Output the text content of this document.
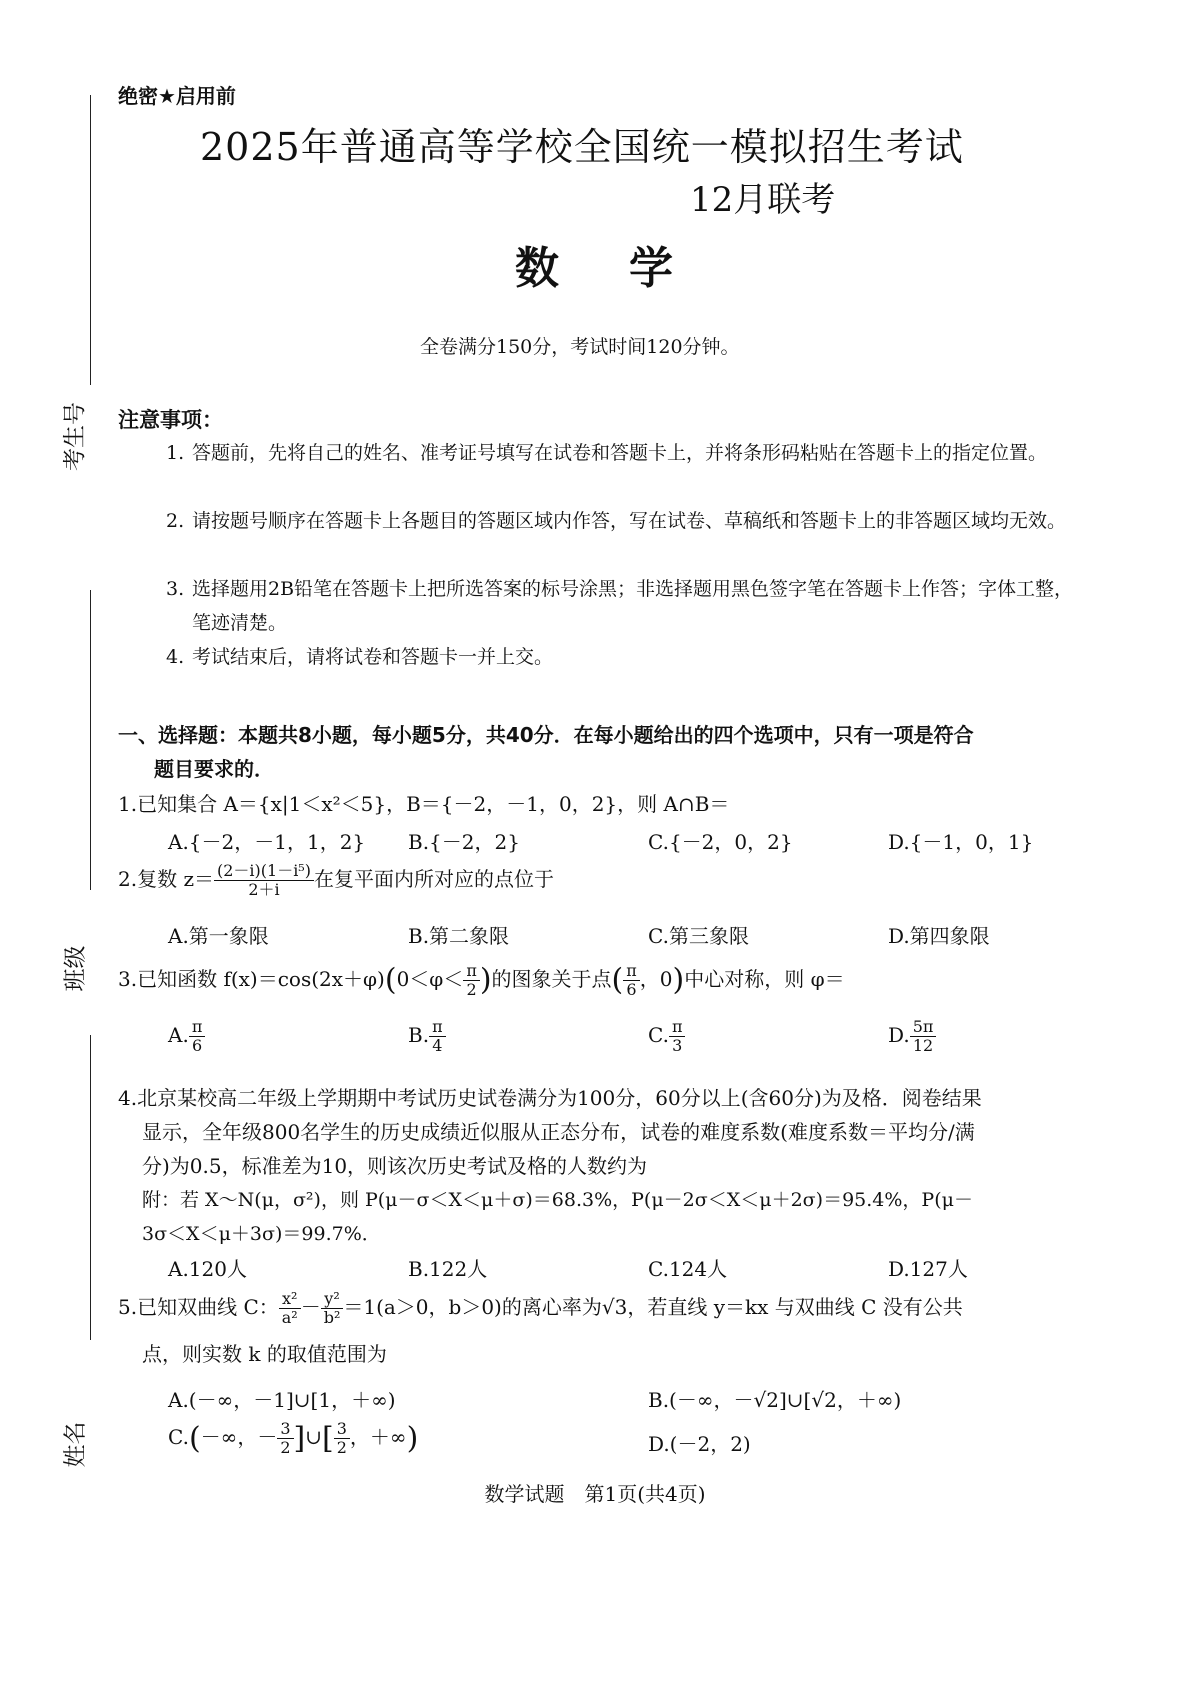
考生号
班级
姓名
绝密★启用前
2025年普通高等学校全国统一模拟招生考试
12月联考
数学
全卷满分150分，考试时间120分钟。
注意事项：
1. 答题前，先将自己的姓名、准考证号填写在试卷和答题卡上，并将条形码粘贴在答题卡上的指定位置。
2. 请按题号顺序在答题卡上各题目的答题区域内作答，写在试卷、草稿纸和答题卡上的非答题区域均无效。
3. 选择题用2B铅笔在答题卡上把所选答案的标号涂黑；非选择题用黑色签字笔在答题卡上作答；字体工整，笔迹清楚。
4. 考试结束后，请将试卷和答题卡一并上交。
一、选择题：本题共8小题，每小题5分，共40分．在每小题给出的四个选项中，只有一项是符合
题目要求的．
1.已知集合 A＝{x|1＜x²＜5}，B＝{－2，－1，0，2}，则 A∩B＝
A.{－2，－1，1，2} B.{－2，2}	C.{－2，0，2}	D.{－1，0，1}
2.复数 $z= \frac{\text{(2－i)(1－i⁵)}}{2+i}$ 在复平面内所对应的点位于
A.第一象限	B.第二象限	C.第三象限	D.第四象限
3.已知函数 $f(x)=\cos(2x+\varphi)(0<\varphi< \frac{\pi}{2}$ )的图象关于点( $\frac{\pi}{6}$ ，0)中心对称，则 φ＝
A. $\frac{\pi}{6}$	B. $\frac{\pi}{4}$	C. $\frac{\pi}{3}$	D. $\frac{5\pi}{12}$
4.北京某校高二年级上学期期中考试历史试卷满分为100分，60分以上(含60分)为及格．阅卷结果
显示，全年级800名学生的历史成绩近似服从正态分布，试卷的难度系数(难度系数＝平均分/满
分)为0.5，标准差为10，则该次历史考试及格的人数约为
附：若 X～N(μ，σ²)，则 P(μ－σ＜X＜μ＋σ)＝68.3%，P(μ－2σ＜X＜μ＋2σ)＝95.4%，P(μ－
3σ＜X＜μ＋3σ)＝99.7%．
A.120人	B.122人	C.124人	D.127人
5.已知双曲线 C： $\frac{\text{x²}}{\text{a²}} - \frac{\text{y²}}{\text{b²}} =1(a>0$，b＞0)的离心率为√3，若直线 y＝kx 与双曲线 C 没有公共
点，则实数 k 的取值范围为
A.(－∞，－1]∪[1，＋∞)	B.(－∞，－√2]∪[√2，＋∞)
C.(－∞，－ $\frac{3}{2}$ ]∪[ $\frac{3}{2}$ ，＋∞)	D.(－2，2)
数学试题　第1页(共4页)
